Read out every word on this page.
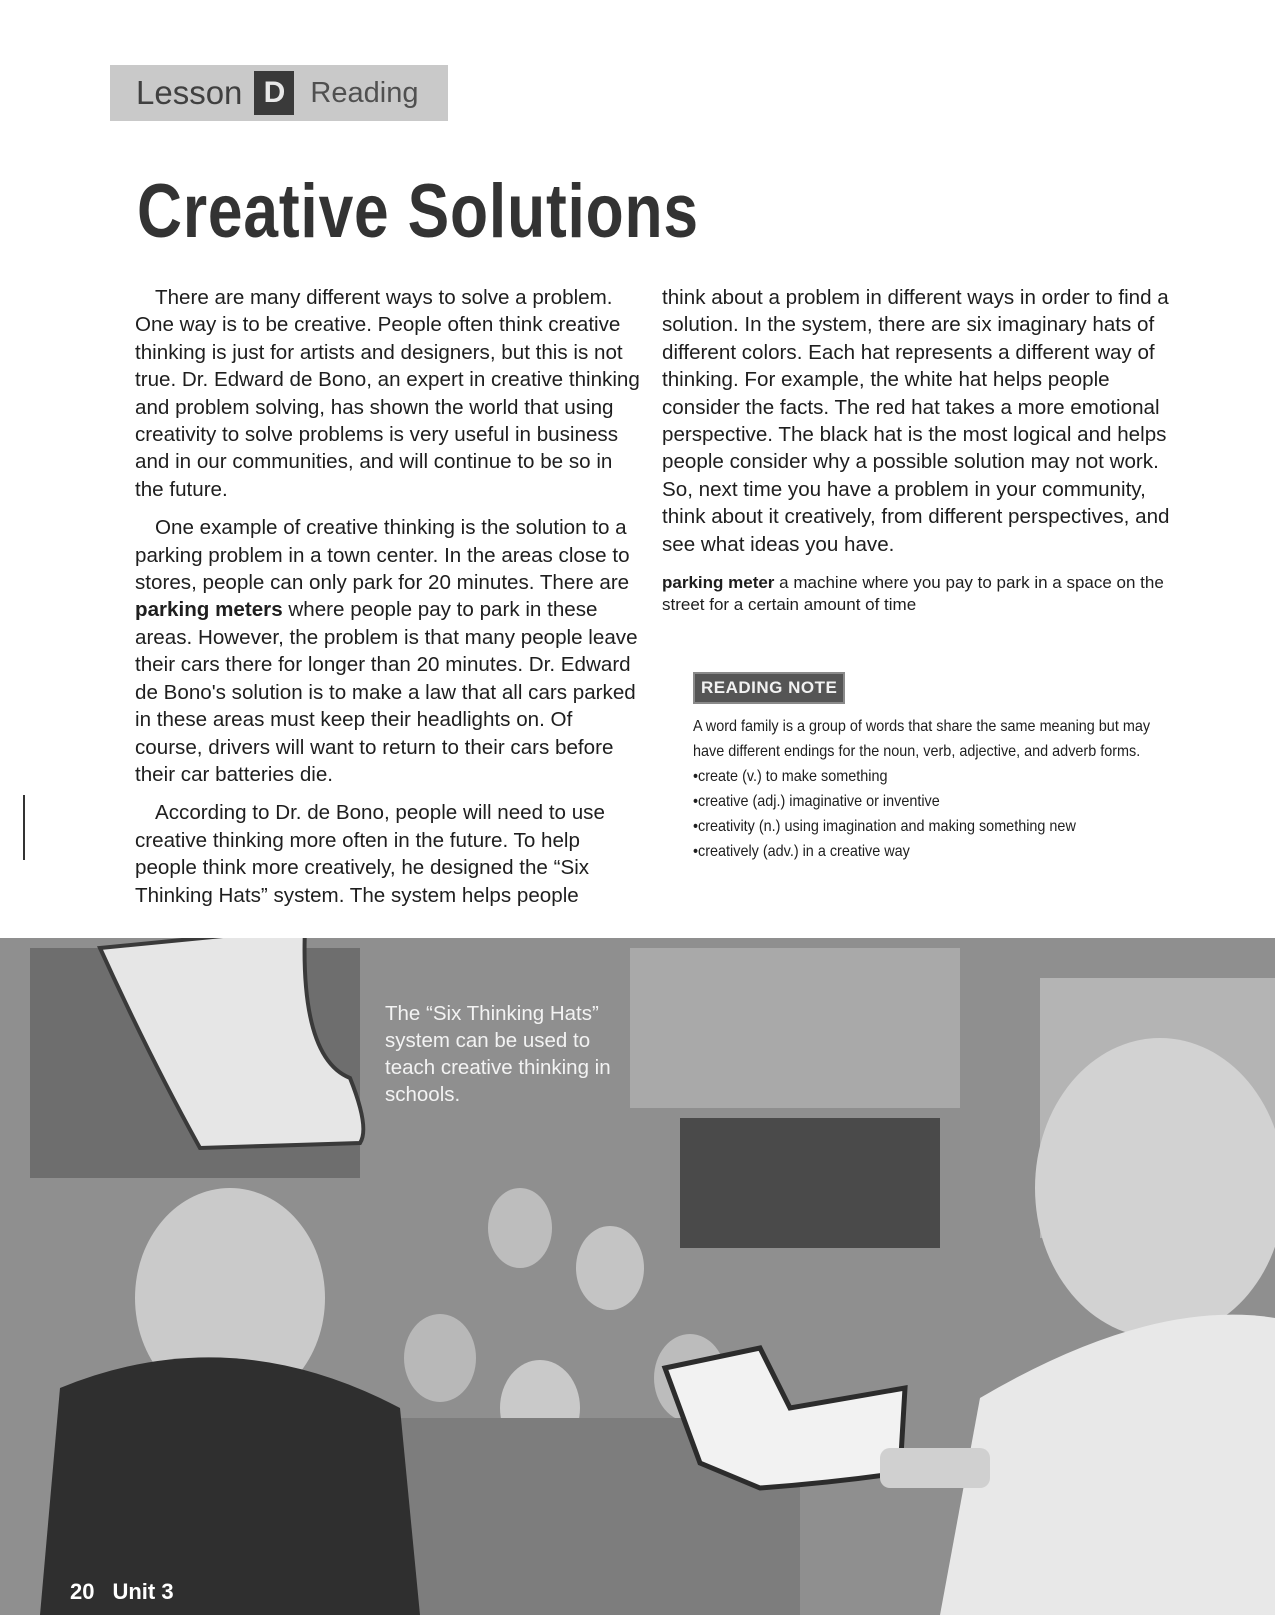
Lesson D Reading
Creative Solutions

There are many different ways to solve a problem. One way is to be creative. People often think creative thinking is just for artists and designers, but this is not true. Dr. Edward de Bono, an expert in creative thinking and problem solving, has shown the world that using creativity to solve problems is very useful in business and in our communities, and will continue to be so in the future.

One example of creative thinking is the solution to a parking problem in a town center. In the areas close to stores, people can only park for 20 minutes. There are parking meters where people pay to park in these areas. However, the problem is that many people leave their cars there for longer than 20 minutes. Dr. Edward de Bono's solution is to make a law that all cars parked in these areas must keep their headlights on. Of course, drivers will want to return to their cars before their car batteries die.

According to Dr. de Bono, people will need to use creative thinking more often in the future. To help people think more creatively, he designed the “Six Thinking Hats” system. The system helps people

think about a problem in different ways in order to find a solution. In the system, there are six imaginary hats of different colors. Each hat represents a different way of thinking. For example, the white hat helps people consider the facts. The red hat takes a more emotional perspective. The black hat is the most logical and helps people consider why a possible solution may not work. So, next time you have a problem in your community, think about it creatively, from different perspectives, and see what ideas you have.

parking meter a machine where you pay to park in a space on the street for a certain amount of time
READING NOTE
A word family is a group of words that share the same meaning but may have different endings for the noun, verb, adjective, and adverb forms.
• create (v.) to make something
• creative (adj.) imaginative or inventive
• creativity (n.) using imagination and making something new
• creatively (adv.) in a creative way
The “Six Thinking Hats” system can be used to teach creative thinking in schools.
20 Unit 3
